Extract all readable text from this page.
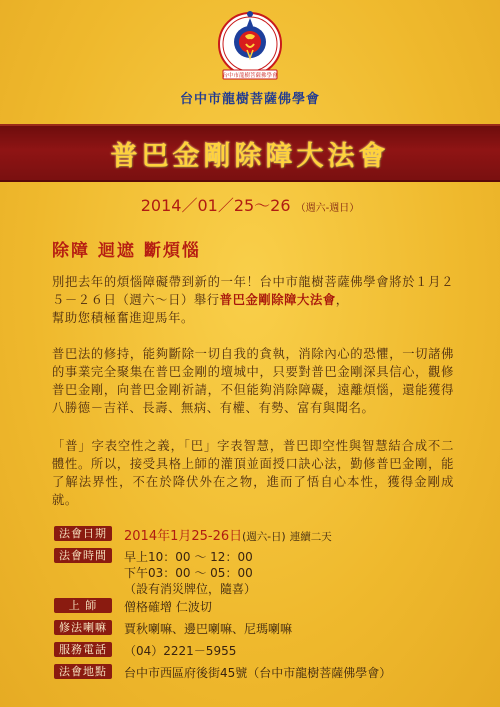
台中市龍樹菩薩佛學會
台中市龍樹菩薩佛學會
普巴金剛除障大法會
2014／01／25～26 （週六-週日）
除障 迴遮 斷煩惱

別把去年的煩惱障礙帶到新的一年！台中市龍樹菩薩佛學會將於１月２５－２６日（週六～日）舉行普巴金剛除障大法會，
幫助您積極奮進迎馬年。

普巴法的修持，能夠斷除一切自我的貪執，消除內心的恐懼，一切諸佛的事業完全聚集在普巴金剛的壇城中，只要對普巴金剛深具信心，觀修普巴金剛，向普巴金剛祈請，不但能夠消除障礙，遠離煩惱，還能獲得八勝德－吉祥、長壽、無病、有權、有勢、富有與聞名。

「普」字表空性之義，「巴」字表智慧，普巴即空性與智慧結合成不二體性。所以，接受具格上師的灌頂並面授口訣心法，勤修普巴金剛，能了解法界性，不在於降伏外在之物，進而了悟自心本性，獲得金剛成就。

法會日期	2014年1月25-26日(週六-日) 連續二天
法會時間	早上10：00 ～ 12：00
下午03：00 ～ 05：00
（設有消災牌位，隨喜）
上 師	僧格確增 仁波切
修法喇嘛	賈秋喇嘛、邊巴喇嘛、尼瑪喇嘛
服務電話	（04）2221－5955
法會地點	台中市西區府後街45號（台中市龍樹菩薩佛學會）
